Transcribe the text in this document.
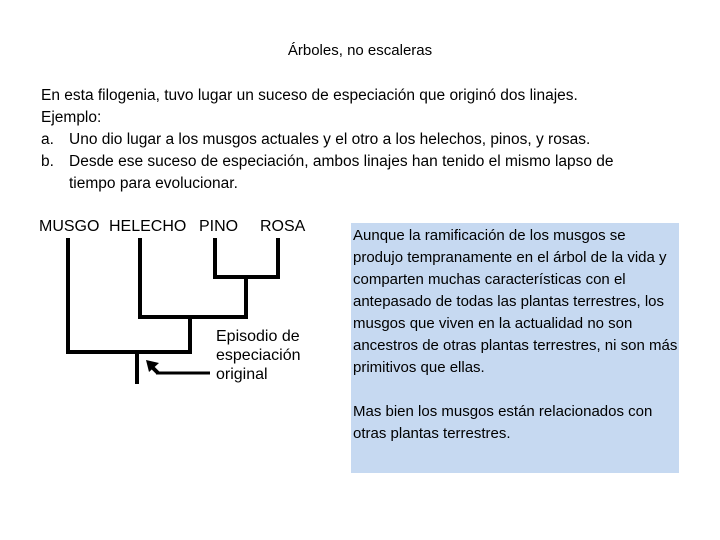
Árboles, no escaleras
En esta filogenia, tuvo lugar un suceso de especiación que originó dos linajes.
Ejemplo:
a. Uno dio lugar a los musgos actuales y el otro a los helechos, pinos, y rosas.
b. Desde ese suceso de especiación, ambos linajes han tenido el mismo lapso de
tiempo para evolucionar.
MUSGO HELECHO PINO ROSA
Episodio de
especiación
original

Aunque la ramificación de los musgos se produjo tempranamente en el árbol de la vida y comparten muchas características con el antepasado de todas las plantas terrestres, los musgos que viven en la actualidad no son ancestros de otras plantas terrestres, ni son más primitivos que ellas.

Mas bien los musgos están relacionados con otras plantas terrestres.
